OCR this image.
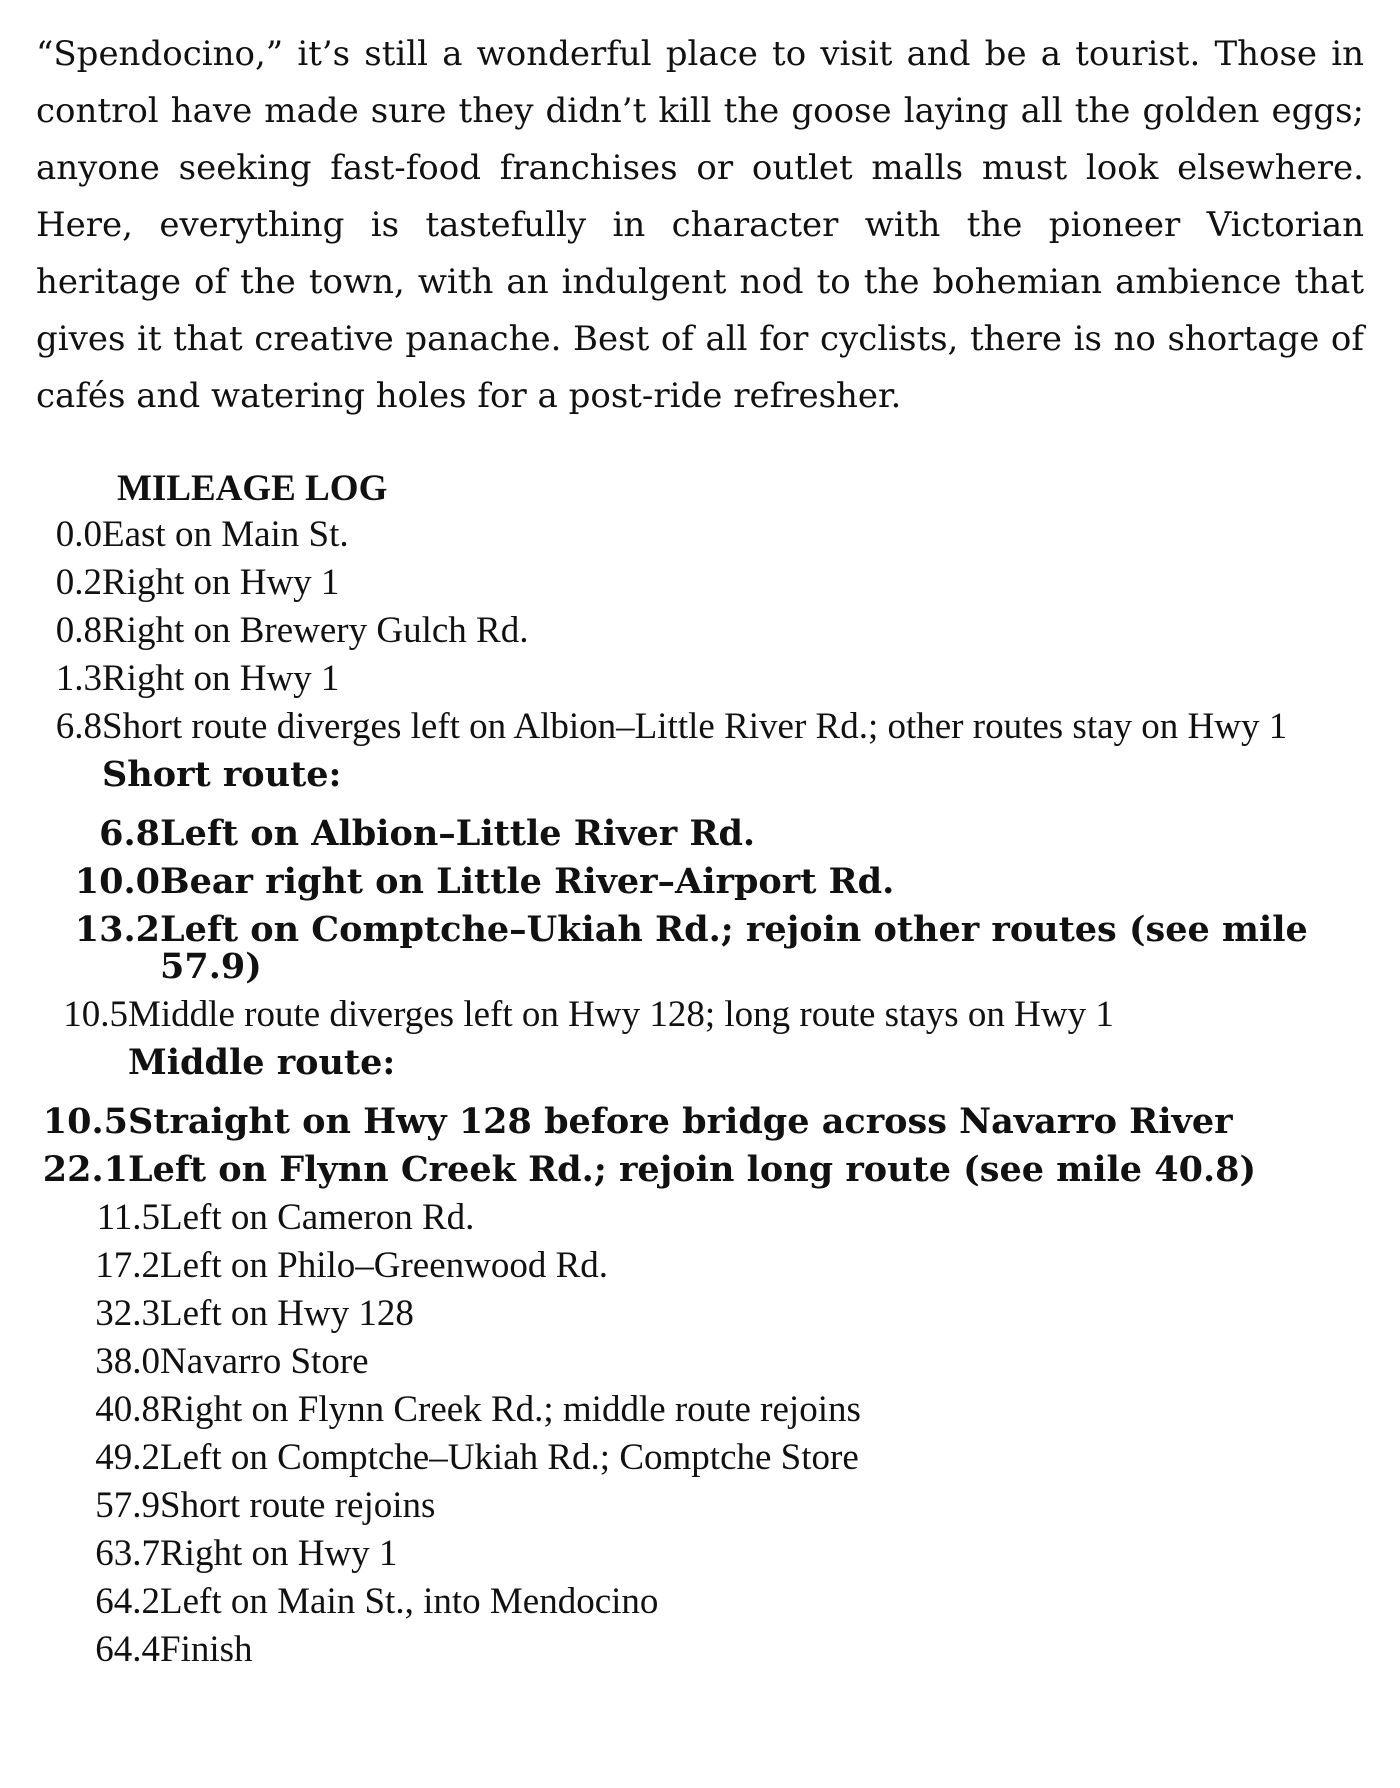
“Spendocino,” it’s still a wonderful place to visit and be a tourist. Those in control have made sure they didn’t kill the goose laying all the golden eggs; anyone seeking fast-food franchises or outlet malls must look elsewhere. Here, everything is tastefully in character with the pioneer Victorian heritage of the town, with an indulgent nod to the bohemian ambience that gives it that creative panache. Best of all for cyclists, there is no shortage of cafés and watering holes for a post-ride refresher.

MILEAGE LOG
0.0 East on Main St.
0.2 Right on Hwy 1
0.8 Right on Brewery Gulch Rd.
1.3 Right on Hwy 1
6.8 Short route diverges left on Albion–Little River Rd.; other routes stay on Hwy 1
Short route:
6.8 Left on Albion–Little River Rd.
10.0 Bear right on Little River–Airport Rd.
13.2 Left on Comptche–Ukiah Rd.; rejoin other routes (see mile 57.9)
10.5 Middle route diverges left on Hwy 128; long route stays on Hwy 1
Middle route:
10.5 Straight on Hwy 128 before bridge across Navarro River
22.1 Left on Flynn Creek Rd.; rejoin long route (see mile 40.8)
11.5 Left on Cameron Rd.
17.2 Left on Philo–Greenwood Rd.
32.3 Left on Hwy 128
38.0 Navarro Store
40.8 Right on Flynn Creek Rd.; middle route rejoins
49.2 Left on Comptche–Ukiah Rd.; Comptche Store
57.9 Short route rejoins
63.7 Right on Hwy 1
64.2 Left on Main St., into Mendocino
64.4 Finish
